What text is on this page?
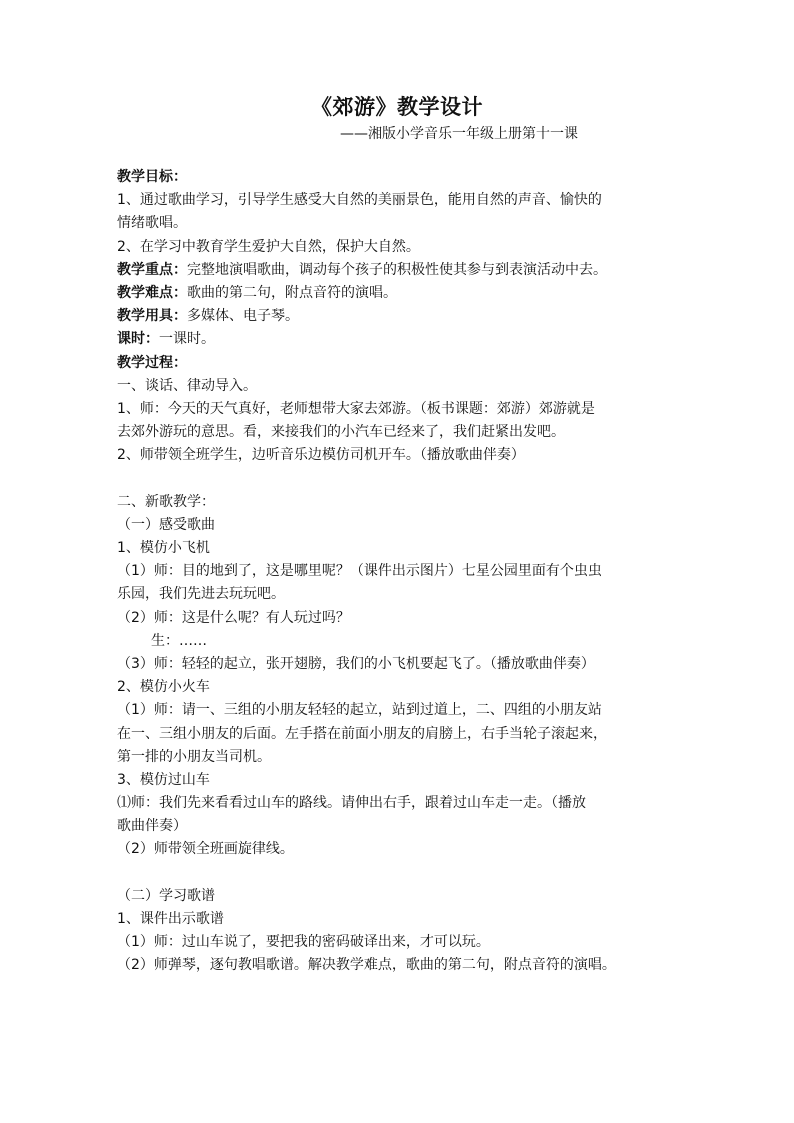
《郊游》教学设计
——湘版小学音乐一年级上册第十一课
教学目标：
1、通过歌曲学习，引导学生感受大自然的美丽景色，能用自然的声音、愉快的
情绪歌唱。
2、在学习中教育学生爱护大自然，保护大自然。
教学重点：完整地演唱歌曲，调动每个孩子的积极性使其参与到表演活动中去。
教学难点：歌曲的第二句，附点音符的演唱。
教学用具：多媒体、电子琴。
课时：一课时。
教学过程：
一、谈话、律动导入。
1、师：今天的天气真好，老师想带大家去郊游。（板书课题：郊游）郊游就是
去郊外游玩的意思。看，来接我们的小汽车已经来了，我们赶紧出发吧。
2、师带领全班学生，边听音乐边模仿司机开车。（播放歌曲伴奏）
二、新歌教学：
（一）感受歌曲
1、模仿小飞机
（1）师：目的地到了，这是哪里呢？（课件出示图片）七星公园里面有个虫虫
乐园，我们先进去玩玩吧。
（2）师：这是什么呢？有人玩过吗？
生：……
（3）师：轻轻的起立，张开翅膀，我们的小飞机要起飞了。（播放歌曲伴奏）
2、模仿小火车
（1）师：请一、三组的小朋友轻轻的起立，站到过道上，二、四组的小朋友站
在一、三组小朋友的后面。左手搭在前面小朋友的肩膀上，右手当轮子滚起来，
第一排的小朋友当司机。
3、模仿过山车
⑴师：我们先来看看过山车的路线。请伸出右手，跟着过山车走一走。（播放
歌曲伴奏）
（2）师带领全班画旋律线。
（二）学习歌谱
1、课件出示歌谱
（1）师：过山车说了，要把我的密码破译出来，才可以玩。
（2）师弹琴，逐句教唱歌谱。解决教学难点，歌曲的第二句，附点音符的演唱。
